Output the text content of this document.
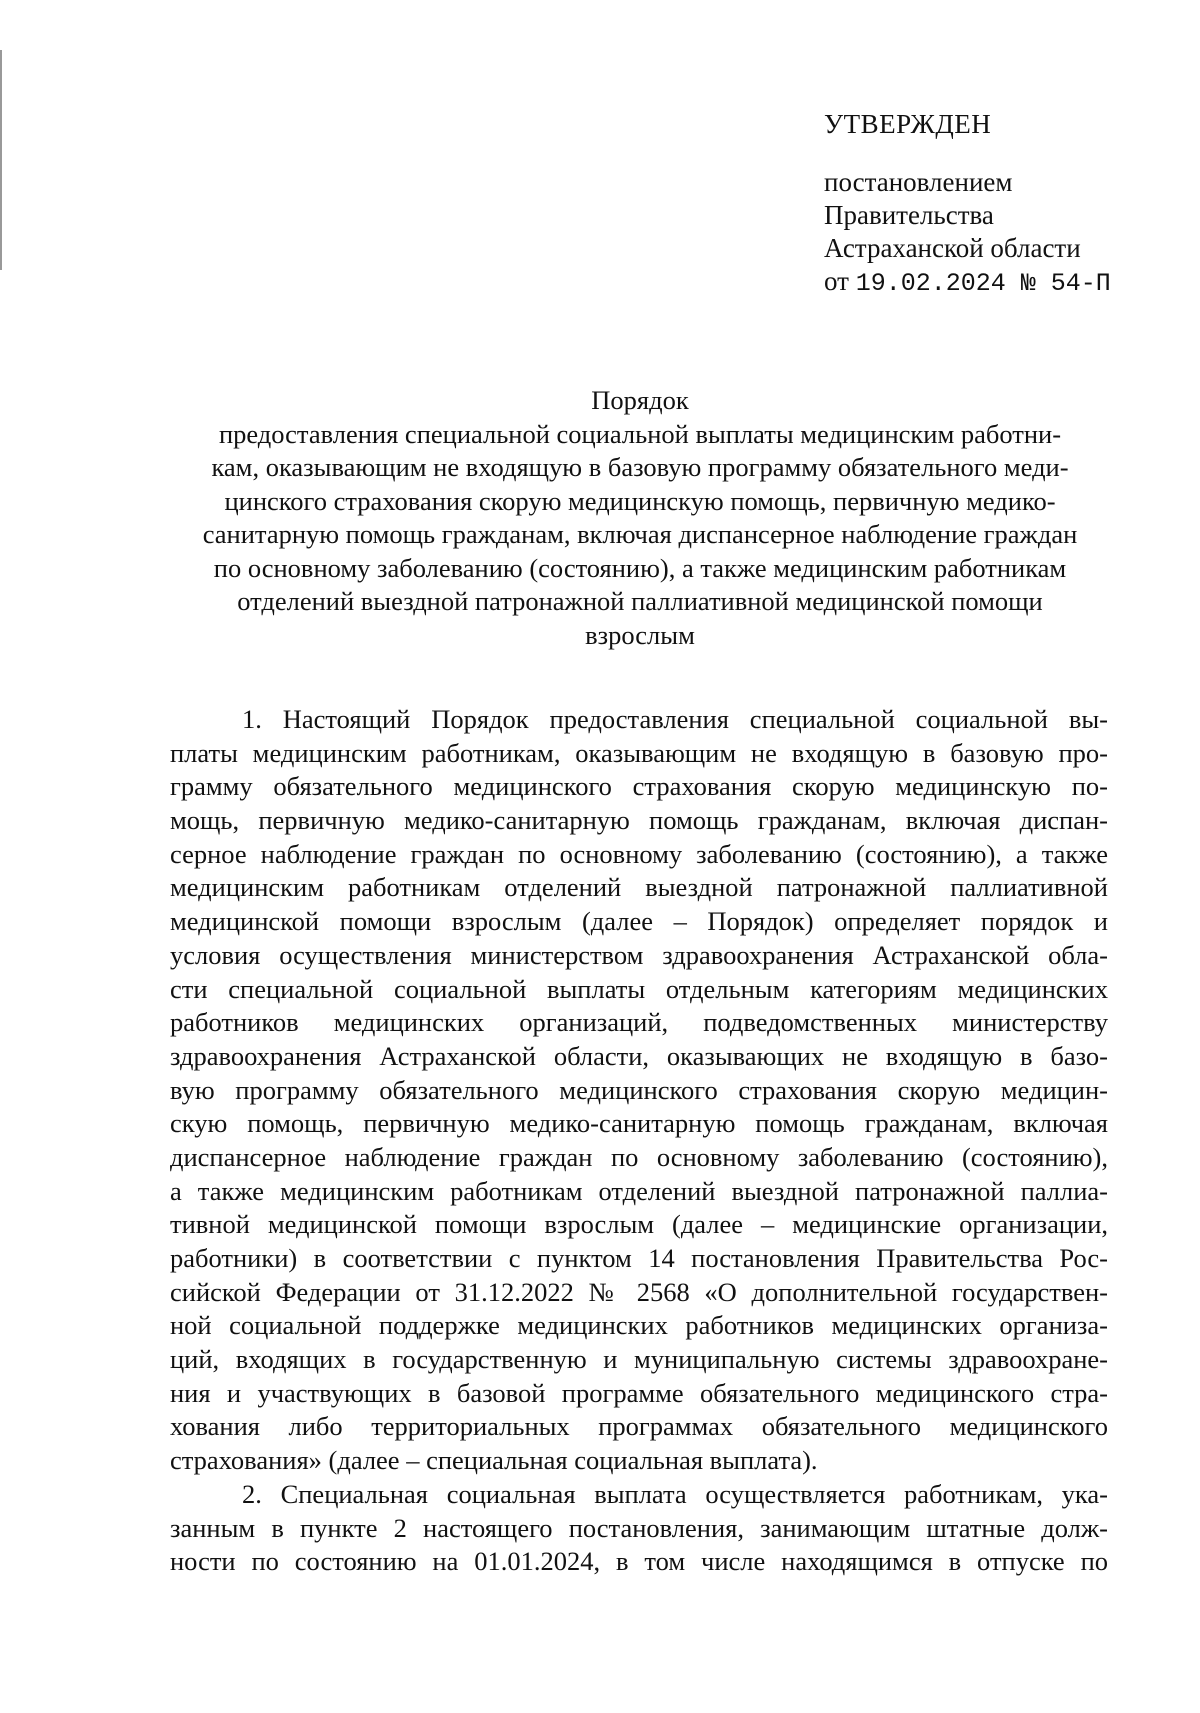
УТВЕРЖДЕН
постановлением
Правительства
Астраханской области
от 19.02.2024 № 54-П
Порядок
предоставления специальной социальной выплаты медицинским работни-
кам, оказывающим не входящую в базовую программу обязательного меди-
цинского страхования скорую медицинскую помощь, первичную медико-
санитарную помощь гражданам, включая диспансерное наблюдение граждан
по основному заболеванию (состоянию), а также медицинским работникам
отделений выездной патронажной паллиативной медицинской помощи
взрослым
1. Настоящий Порядок предоставления специальной социальной вы-
платы медицинским работникам, оказывающим не входящую в базовую про-
грамму обязательного медицинского страхования скорую медицинскую по-
мощь, первичную медико-санитарную помощь гражданам, включая диспан-
серное наблюдение граждан по основному заболеванию (состоянию), а также
медицинским работникам отделений выездной патронажной паллиативной
медицинской помощи взрослым (далее – Порядок) определяет порядок и
условия осуществления министерством здравоохранения Астраханской обла-
сти специальной социальной выплаты отдельным категориям медицинских
работников медицинских организаций, подведомственных министерству
здравоохранения Астраханской области, оказывающих не входящую в базо-
вую программу обязательного медицинского страхования скорую медицин-
скую помощь, первичную медико-санитарную помощь гражданам, включая
диспансерное наблюдение граждан по основному заболеванию (состоянию),
а также медицинским работникам отделений выездной патронажной паллиа-
тивной медицинской помощи взрослым (далее – медицинские организации,
работники) в соответствии с пунктом 14 постановления Правительства Рос-
сийской Федерации от 31.12.2022 № 2568 «О дополнительной государствен-
ной социальной поддержке медицинских работников медицинских организа-
ций, входящих в государственную и муниципальную системы здравоохране-
ния и участвующих в базовой программе обязательного медицинского стра-
хования либо территориальных программах обязательного медицинского
страхования» (далее – специальная социальная выплата).
2. Специальная социальная выплата осуществляется работникам, ука-
занным в пункте 2 настоящего постановления, занимающим штатные долж-
ности по состоянию на 01.01.2024, в том числе находящимся в отпуске по
